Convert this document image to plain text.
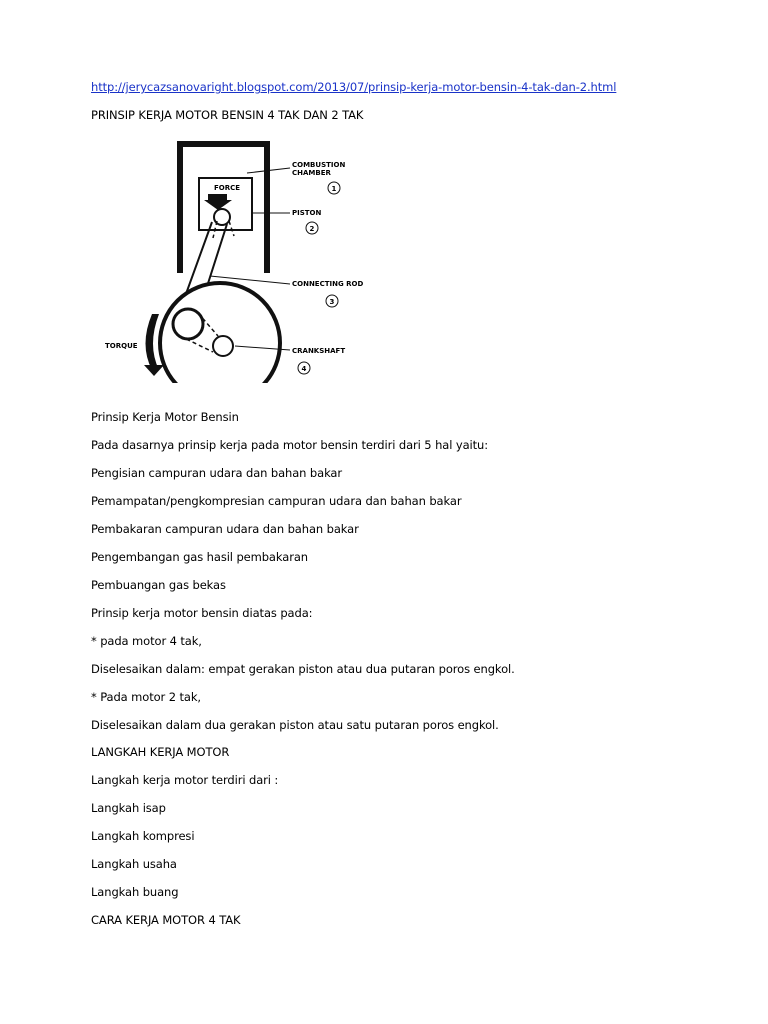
http://jerycazsanovaright.blogspot.com/2013/07/prinsip-kerja-motor-bensin-4-tak-dan-2.html
PRINSIP KERJA MOTOR BENSIN 4 TAK DAN 2 TAK
FORCE
TORQUE
COMBUSTION
CHAMBER
1
PISTON
2
CONNECTING ROD
3
CRANKSHAFT
4
Prinsip Kerja Motor Bensin
Pada dasarnya prinsip kerja pada motor bensin terdiri dari 5 hal yaitu:
Pengisian campuran udara dan bahan bakar
Pemampatan/pengkompresian campuran udara dan bahan bakar
Pembakaran campuran udara dan bahan bakar
Pengembangan gas hasil pembakaran
Pembuangan gas bekas
Prinsip kerja motor bensin diatas pada:
* pada motor 4 tak,
Diselesaikan dalam: empat gerakan piston atau dua putaran poros engkol.
* Pada motor 2 tak,
Diselesaikan dalam dua gerakan piston atau satu putaran poros engkol.
LANGKAH KERJA MOTOR
Langkah kerja motor terdiri dari :
Langkah isap
Langkah kompresi
Langkah usaha
Langkah buang
CARA KERJA MOTOR 4 TAK
